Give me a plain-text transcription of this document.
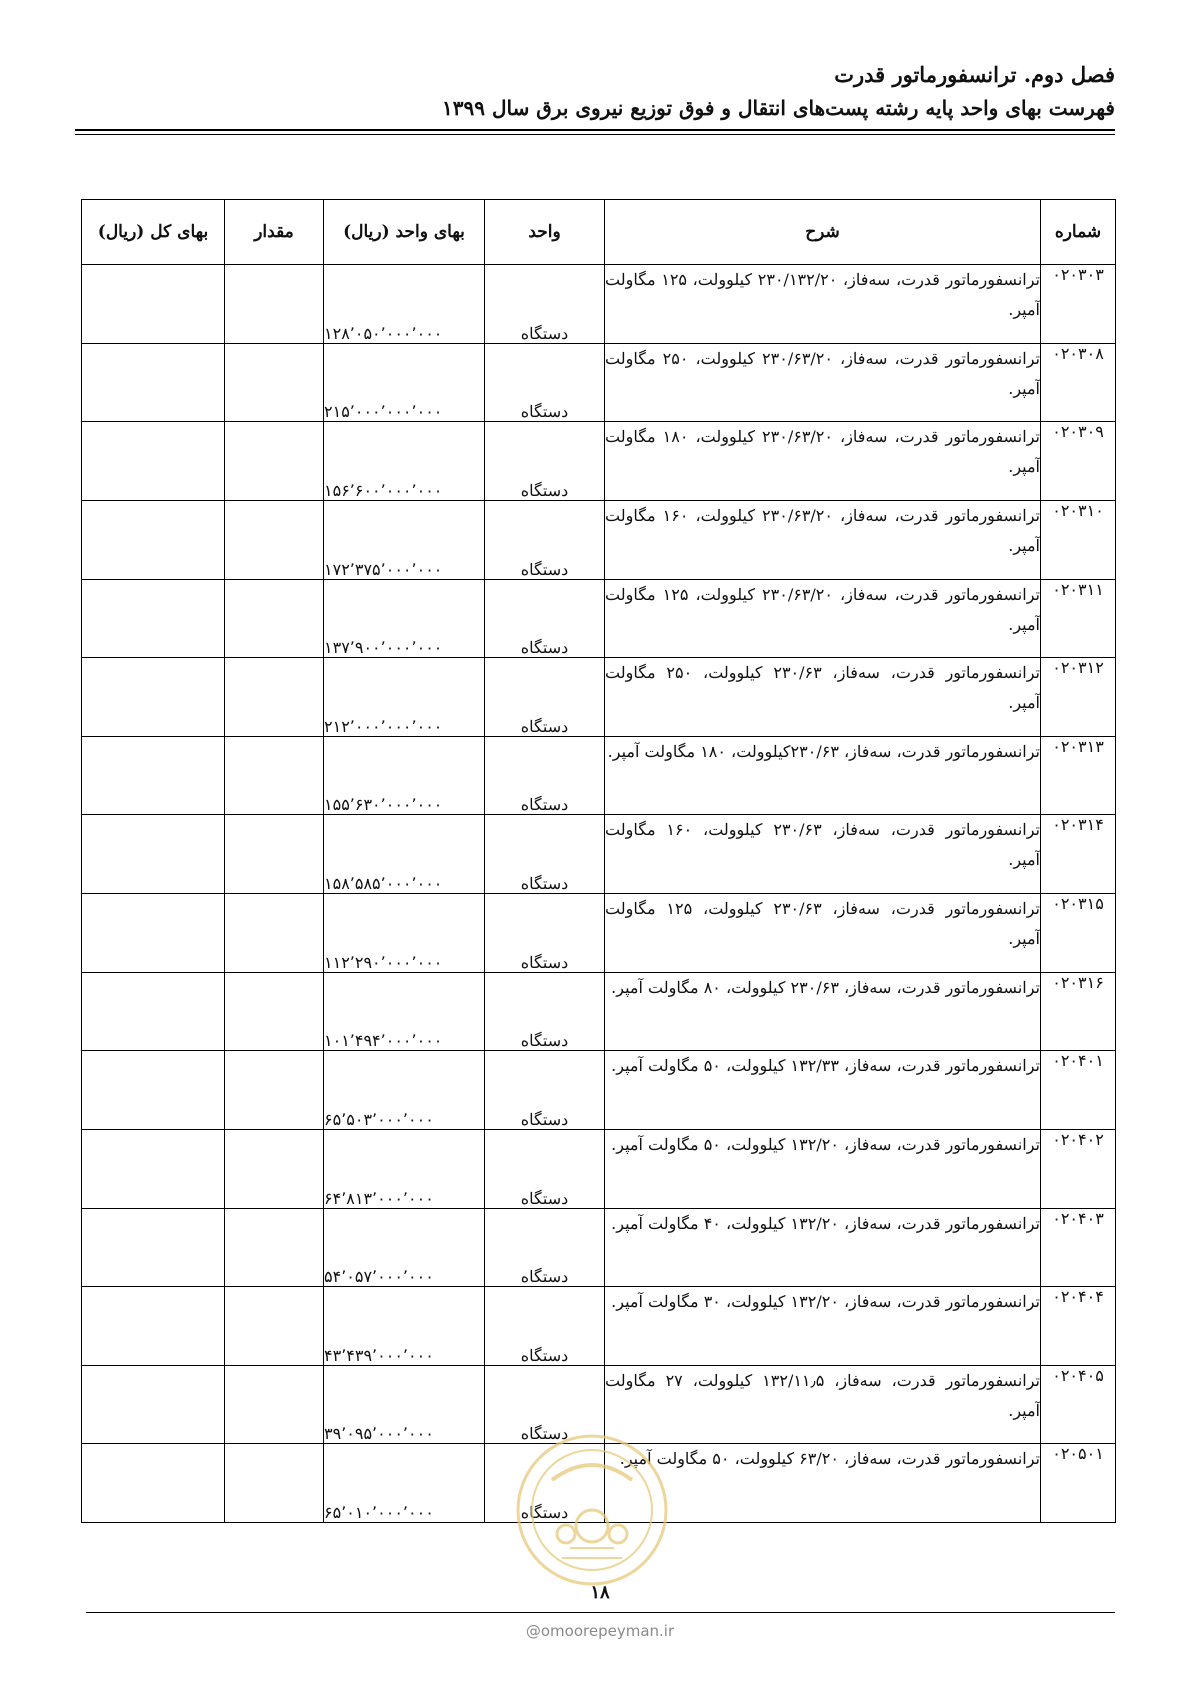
فصل دوم. ترانسفورماتور قدرت
فهرست بهای واحد پایه رشته پست‌های انتقال و فوق توزیع نیروی برق سال ۱۳۹۹
شماره	شرح	واحد	بهای واحد (ریال)	مقدار	بهای کل (ریال)
۰۲۰۳۰۳	ترانسفورماتور قدرت، سه‌فاز، ۲۳۰/۱۳۲/۲۰ کیلوولت، ۱۲۵ مگاولت آمپر.	دستگاه	۱۲۸٬۰۵۰٬۰۰۰٬۰۰۰		
۰۲۰۳۰۸	ترانسفورماتور قدرت، سه‌فاز، ۲۳۰/۶۳/۲۰ کیلوولت، ۲۵۰ مگاولت آمپر.	دستگاه	۲۱۵٬۰۰۰٬۰۰۰٬۰۰۰		
۰۲۰۳۰۹	ترانسفورماتور قدرت، سه‌فاز، ۲۳۰/۶۳/۲۰ کیلوولت، ۱۸۰ مگاولت آمپر.	دستگاه	۱۵۶٬۶۰۰٬۰۰۰٬۰۰۰		
۰۲۰۳۱۰	ترانسفورماتور قدرت، سه‌فاز، ۲۳۰/۶۳/۲۰ کیلوولت، ۱۶۰ مگاولت آمپر.	دستگاه	۱۷۲٬۳۷۵٬۰۰۰٬۰۰۰		
۰۲۰۳۱۱	ترانسفورماتور قدرت، سه‌فاز، ۲۳۰/۶۳/۲۰ کیلوولت، ۱۲۵ مگاولت آمپر.	دستگاه	۱۳۷٬۹۰۰٬۰۰۰٬۰۰۰		
۰۲۰۳۱۲	ترانسفورماتور قدرت، سه‌فاز، ۲۳۰/۶۳ کیلوولت، ۲۵۰ مگاولت آمپر.	دستگاه	۲۱۲٬۰۰۰٬۰۰۰٬۰۰۰		
۰۲۰۳۱۳	ترانسفورماتور قدرت، سه‌فاز، ۲۳۰/۶۳کیلوولت، ۱۸۰ مگاولت آمپر.	دستگاه	۱۵۵٬۶۳۰٬۰۰۰٬۰۰۰		
۰۲۰۳۱۴	ترانسفورماتور قدرت، سه‌فاز، ۲۳۰/۶۳ کیلوولت، ۱۶۰ مگاولت آمپر.	دستگاه	۱۵۸٬۵۸۵٬۰۰۰٬۰۰۰		
۰۲۰۳۱۵	ترانسفورماتور قدرت، سه‌فاز، ۲۳۰/۶۳ کیلوولت، ۱۲۵ مگاولت آمپر.	دستگاه	۱۱۲٬۲۹۰٬۰۰۰٬۰۰۰		
۰۲۰۳۱۶	ترانسفورماتور قدرت، سه‌فاز، ۲۳۰/۶۳ کیلوولت، ۸۰ مگاولت آمپر.	دستگاه	۱۰۱٬۴۹۴٬۰۰۰٬۰۰۰		
۰۲۰۴۰۱	ترانسفورماتور قدرت، سه‌فاز، ۱۳۲/۳۳ کیلوولت، ۵۰ مگاولت آمپر.	دستگاه	۶۵٬۵۰۳٬۰۰۰٬۰۰۰		
۰۲۰۴۰۲	ترانسفورماتور قدرت، سه‌فاز، ۱۳۲/۲۰ کیلوولت، ۵۰ مگاولت آمپر.	دستگاه	۶۴٬۸۱۳٬۰۰۰٬۰۰۰		
۰۲۰۴۰۳	ترانسفورماتور قدرت، سه‌فاز، ۱۳۲/۲۰ کیلوولت، ۴۰ مگاولت آمپر.	دستگاه	۵۴٬۰۵۷٬۰۰۰٬۰۰۰		
۰۲۰۴۰۴	ترانسفورماتور قدرت، سه‌فاز، ۱۳۲/۲۰ کیلوولت، ۳۰ مگاولت آمپر.	دستگاه	۴۳٬۴۳۹٬۰۰۰٬۰۰۰		
۰۲۰۴۰۵	ترانسفورماتور قدرت، سه‌فاز، ۱۳۲/۱۱٫۵ کیلوولت، ۲۷ مگاولت آمپر.	دستگاه	۳۹٬۰۹۵٬۰۰۰٬۰۰۰		
۰۲۰۵۰۱	ترانسفورماتور قدرت، سه‌فاز، ۶۳/۲۰ کیلوولت، ۵۰ مگاولت آمپر.	دستگاه	۶۵٬۰۱۰٬۰۰۰٬۰۰۰		
۱۸
@omoorepeyman.ir
